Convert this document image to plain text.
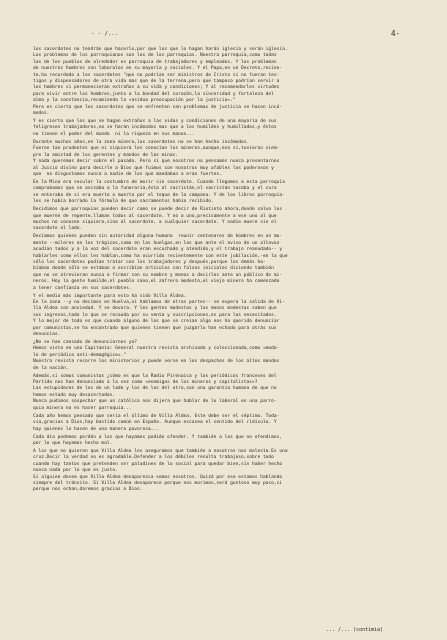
- - /...	4-
los sacerdotes no tendrán que hacerlo,por que los que lo hagan harán iglesia y serán iglesia.
Los problemas de los parroquianos son los de los parroquias. Nuestra parroquia,como todas
las de los pueblos de alrededor es parroquia de trabajadores y empleados. Y los problemas
de nuestros hombres son laborales en su mayoría y sociales. Y el Papa,en un Decreto,recien-
te,ha recordado a los sacerdotes "que no podrían ser ministros de Cristo si no fueran tes-
tigos y dispensadores de otra vida mas que de la terrena,pero que tampoco podrían servir a
los hombres si permanecieran extraños a su vida y condiciones; Y al recomendarles virtudes
para vivir entre los hombres,junto a la bondad del corazón,la sinceridad y fortaleza del
alma y la constancia,recomienda la «asidua preocupación por la justicia»."
Pero es cierto que los sacerdotes que se enfrenten con problemas de justicia se hacen incó-
modos.
Y es cierto que los que se hagan extraños a las vidas y condiciones de una mayoría de sus
feligreses trabajadores,no se harán incómodos mas que a los humildes y humillados,y éstos
no tienen el poder del mundo  ni la riqueza en sus manos...
Durante muchos años,en la zona minera,los sacerdotes no se han hecho incómodos.
Fueron tan prudentes que ni siquiera les conocían los mineros,aunque,eso sí,tuvieron siem-
pre la amistad de los gerentes y mandos de las minas.
Y nada queremos decir sobre el pasado. Pero sí que nosotros no pensamos nunca presentarnos
al Juicio divino para decirle a Dios que fuimos con nosotros muy afables los poderosos y
que  no disgustamos nunca a nadie de los que mandaban o eran fuertes.
En la Mina era secular la costumbre de morir sin sacerdote. Cuando llegamos a esta parroquia
comprobamos que se avisaba a la funeraria,ésta al sacristán,el sacristán tocaba y el cura
se enteraba de si era muerto o muerta por el toque de la campana. Y de los libros parroquia-
les se había borrado la fórmula de que sacramentos había recibido.
Decidimos que parroquias pueden decir como se puede decir de Riotinto ahora,donde salvo los
que mueren de repente,llaman todos al sacerdote. Y no a uno,precisamente a ese uno al que
muchos no conocen siquiera,sino al sacerdote, a cualquier sacerdote. Y nadie muere sin el
sacerdote al lado.
Decíamos quienes pueden sin autoridad alguna humana  reunir centenares de hombres en un mo-
mento --mileres en los trágicos,como en las huelgas,en las que ante el aviso de un altavoz
acudían todos y a la voz del sacerdote eran escuchado y atendido,y el trabajo reanudado-- y
hablarles como ellos les hablan,como ha ocurrido recientemente con este jubilación,-en la que
sólo los sacerdotes podían tratar con los trabajadores y después,porque los demás ha-
bíaban donde sólo se estaban o escribían artículos con falsos iniciales diciendo también
que no se atrevieran nunca a firmar con su nombre y menos a decirlos ante un público de mi-
neros. Hoy la gente humilde,el pueblo sano,el zafrero modesto,el viejo minero ha comenzado
a tener confianza en sus sacerdotes.
Y el medio más importante para esto ha sido Villa Aldea.
En la zona --y no decimos en Huelva,ni hablamos de otras partes-- se espera la salida de Vi-
lla Aldea con ansiedad. Y se devora. Y les gentes modestas y las menos modestas saben que
sus ingresos,todo lo que se recauda por su venta y suscripciones,es para los necesitados.
Y lo mejor de todo es que cuando alguno de los que se creían algo nos ha querido denunciar
por comunistas,se ha encontrado que quienes tienen que juzgarlo han echado para atrás sus
denuncias.
¿No se han cansado de denunciarnos ya?
Hemos visto en uno Capitanía: General nuestra revista archivada y coleccionada,como «modo-
lo de periódico anti-demagógico»."
Nuestra revista recorre los ministerios y puede verse en los despachos de los altos mandos
de la nación.
Además,si somos comunistas ¿cómo es que la Radio Pirenaica y los periódicos franceses del
Partido nos han denunciado a la vez como «enemigos de los mineros y capitalistas»?
Las estupideces de los de un lado y los de los del otro,son una garantía humana de que no
hemos estado muy desacertados.
Nunca pudimos sospechar que un católico nos dijera que hablar de lo laboral en una parro-
quia minera no es hacer parroquia...
Cada año hemos pensado que sería el último de Villa Aldea. Este debe ser el séptimo. Toda-
vía,gracias a Dios,hay bastido común en España. Aunque escasea el sentido del ridículo. Y
hay quienes lo hacen de una manera pavorosa...
Cada día podemos perdón a los que hayamos podido ofender. Y también a los que no ofendimos,
por lo que hayamos hecho mal.
A los que no quieren que Villa Aldea les aseguramos que también a nosotros nos molesta.Es una
cruz.Decir la verdad no es agradable.Defender a los débiles resulta trabajoso,sobre todo
cuando hay tantos que pretenden ser paladines de lo social para quedar bien,sin haber hecho
nunca nada por lo que es justo.
Si alguien desea que Villa Aldea desaparezca somos nosotros. Quizá por eso estamos hablando
siempre del tránsito. Si Villa Aldea desaparece porque nos morimos,será gustoso muy poco,si
porque nos echan,daremos gracias a Dios.
... /... (contimia)
